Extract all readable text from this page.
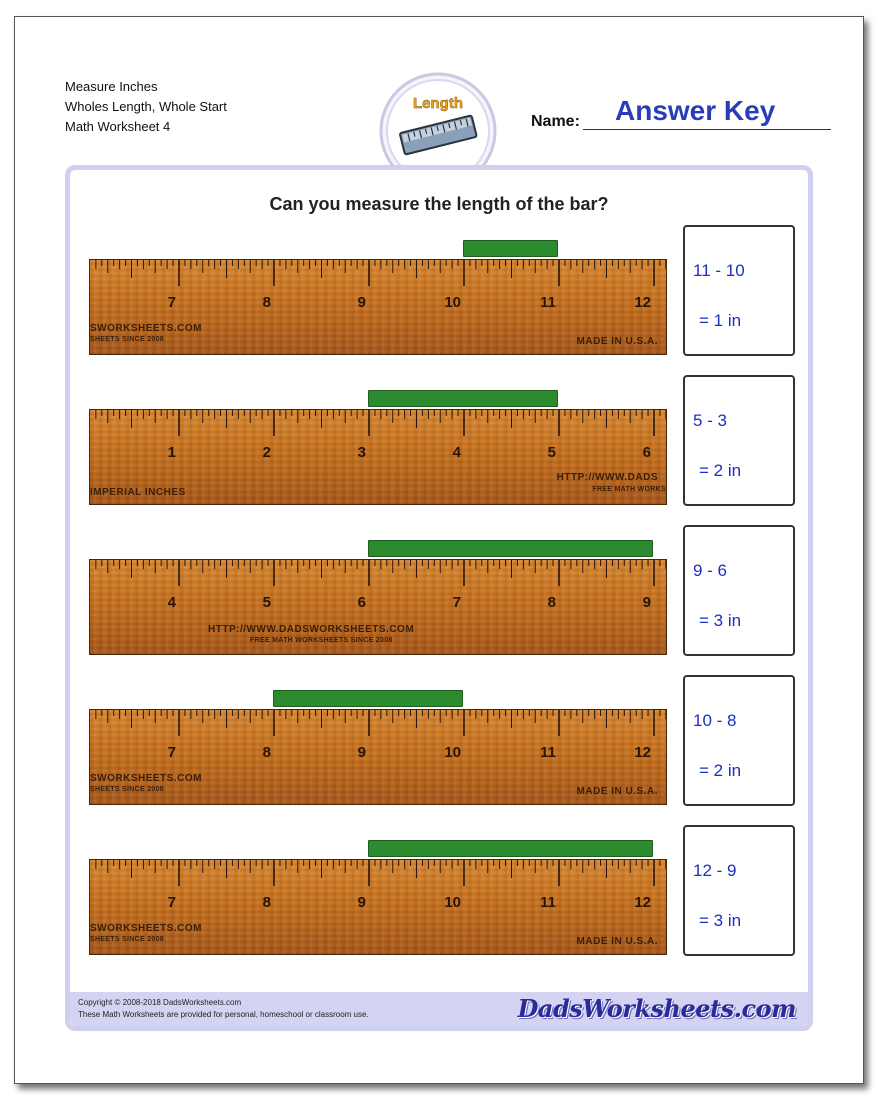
Measure Inches
Wholes Length, Whole Start
Math Worksheet 4
Length
Name: Answer Key
Can you measure the length of the bar?
7	8	9	10	11	12
SWORKSHEETS.COM
SHEETS SINCE 2008	MADE IN U.S.A.
11 - 10
= 1 in
1	2	3	4	5	6
IMPERIAL INCHES
HTTP://WWW.DADS
FREE MATH WORKS
5 - 3
= 2 in
4	5	6	7	8	9
HTTP://WWW.DADSWORKSHEETS.COM
FREE MATH WORKSHEETS SINCE 2008
9 - 6
= 3 in
7	8	9	10	11	12
SWORKSHEETS.COM
SHEETS SINCE 2008	MADE IN U.S.A.
10 - 8
= 2 in
7	8	9	10	11	12
SWORKSHEETS.COM
SHEETS SINCE 2008	MADE IN U.S.A.
12 - 9
= 3 in
Copyright © 2008-2018 DadsWorksheets.com
These Math Worksheets are provided for personal, homeschool or classroom use.	DadsWorksheets.com
